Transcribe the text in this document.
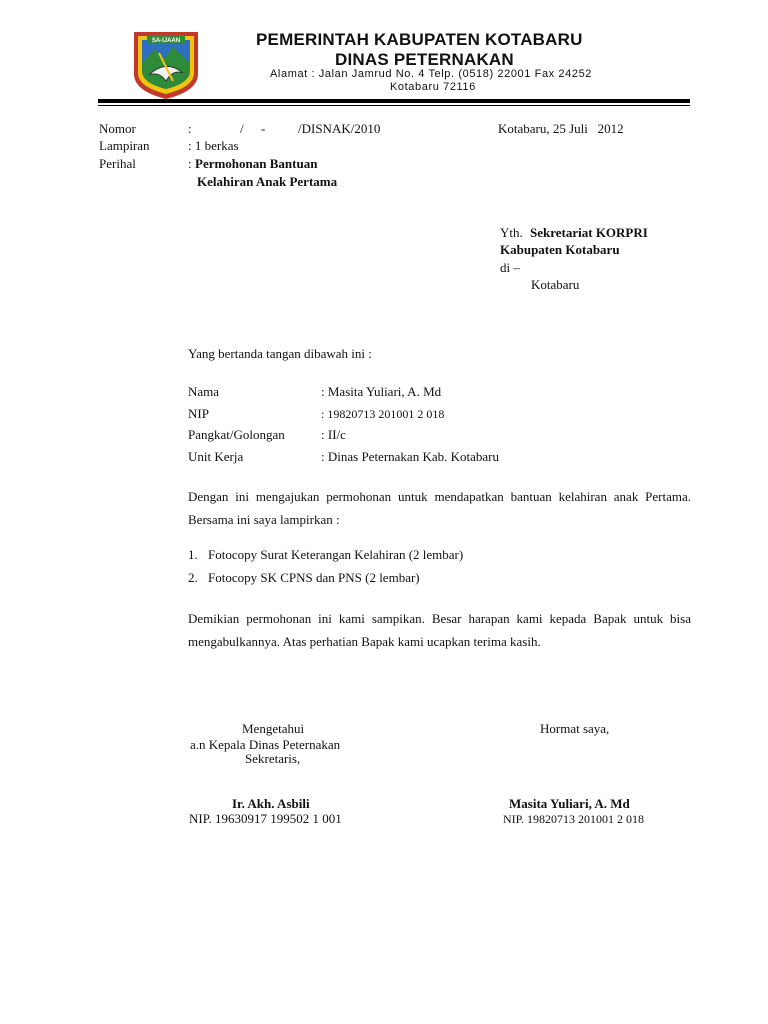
SA-IJAAN	PEMERINTAH KABUPATEN KOTABARU
DINAS PETERNAKAN
Alamat : Jalan Jamrud No. 4 Telp. (0518) 22001 Fax 24252
Kotabaru 72116
Nomor	:	/ -	/DISNAK/2010	Kotabaru, 25 Juli   2012
Lampiran	: 1 berkas
Perihal	: Permohonan Bantuan
Kelahiran Anak Pertama
Yth. Sekretariat KORPRI
Kabupaten Kotabaru
di –
Kotabaru
Yang bertanda tangan dibawah ini :
Nama	: Masita Yuliari, A. Md
NIP	: 19820713 201001 2 018
Pangkat/Golongan	: II/c
Unit Kerja	: Dinas Peternakan Kab. Kotabaru

Dengan ini mengajukan permohonan untuk mendapatkan bantuan kelahiran anak Pertama. Bersama ini saya lampirkan :

1. Fotocopy Surat Keterangan Kelahiran (2 lembar)
2. Fotocopy SK CPNS dan PNS (2 lembar)

Demikian permohonan ini kami sampikan. Besar harapan kami kepada Bapak untuk bisa mengabulkannya. Atas perhatian Bapak kami ucapkan terima kasih.

Mengetahui
a.n Kepala Dinas Peternakan
Sekretaris,
Ir. Akh. Asbili
NIP. 19630917 199502 1 001
Hormat saya,
Masita Yuliari, A. Md
NIP. 19820713 201001 2 018
